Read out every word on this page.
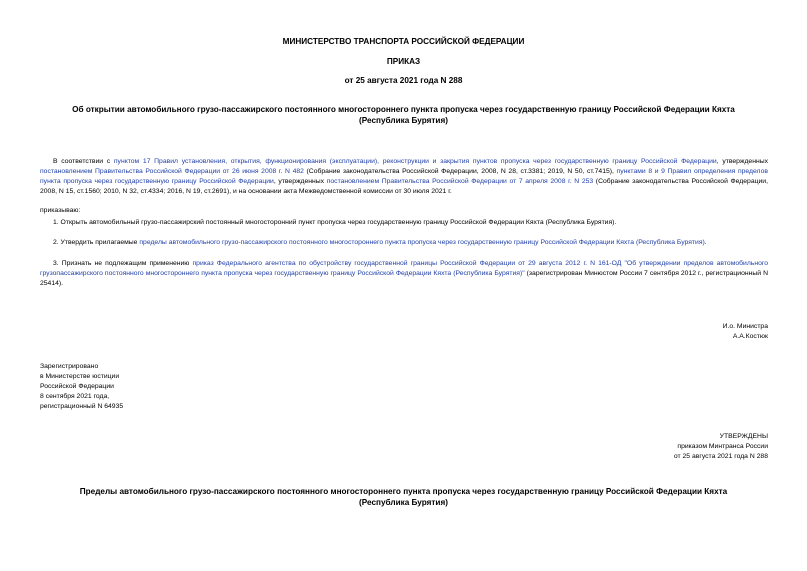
МИНИСТЕРСТВО ТРАНСПОРТА РОССИЙСКОЙ ФЕДЕРАЦИИ
ПРИКАЗ
от 25 августа 2021 года N 288
Об открытии автомобильного грузо-пассажирского постоянного многостороннего пункта пропуска через государственную границу Российской Федерации Кяхта (Республика Бурятия)
В соответствии с пунктом 17 Правил установления, открытия, функционирования (эксплуатации), реконструкции и закрытия пунктов пропуска через государственную границу Российской Федерации, утвержденных постановлением Правительства Российской Федерации от 26 июня 2008 г. N 482 (Собрание законодательства Российской Федерации, 2008, N 28, ст.3381; 2019, N 50, ст.7415), пунктами 8 и 9 Правил определения пределов пункта пропуска через государственную границу Российской Федерации, утвержденных постановлением Правительства Российской Федерации от 7 апреля 2008 г. N 253 (Собрание законодательства Российской Федерации, 2008, N 15, ст.1560; 2010, N 32, ст.4334; 2016, N 19, ст.2691), и на основании акта Межведомственной комиссии от 30 июля 2021 г.
приказываю:
1. Открыть автомобильный грузо-пассажирский постоянный многосторонний пункт пропуска через государственную границу Российской Федерации Кяхта (Республика Бурятия).
2. Утвердить прилагаемые пределы автомобильного грузо-пассажирского постоянного многостороннего пункта пропуска через государственную границу Российской Федерации Кяхта (Республика Бурятия).
3. Признать не подлежащим применению приказ Федерального агентства по обустройству государственной границы Российской Федерации от 29 августа 2012 г. N 161-ОД "Об утверждении пределов автомобильного грузопассажирского постоянного многостороннего пункта пропуска через государственную границу Российской Федерации Кяхта (Республика Бурятия)" (зарегистрирован Минюстом России 7 сентября 2012 г., регистрационный N 25414).
И.о. Министра
А.А.Костюк
Зарегистрировано
в Министерстве юстиции
Российской Федерации
8 сентября 2021 года,
регистрационный N 64935
УТВЕРЖДЕНЫ
приказом Минтранса России
от 25 августа 2021 года N 288
Пределы автомобильного грузо-пассажирского постоянного многостороннего пункта пропуска через государственную границу Российской Федерации Кяхта (Республика Бурятия)
